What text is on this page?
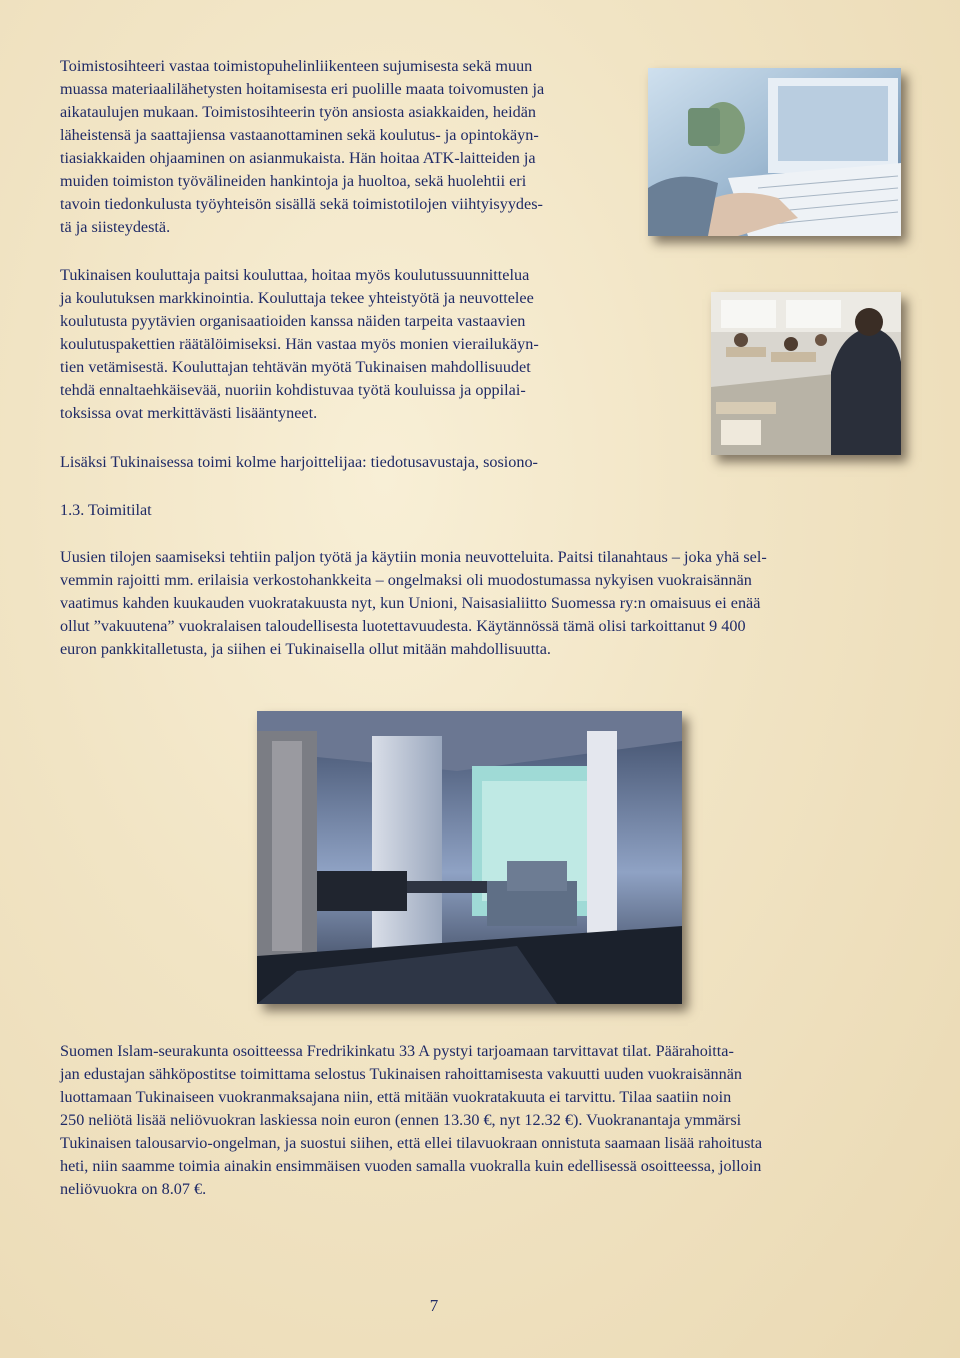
Toimistosihteeri vastaa toimistopuhelinliikenteen sujumisesta sekä muun
muassa materiaalilähetysten hoitamisesta eri puolille maata toivomusten ja
aikataulujen mukaan. Toimistosihteerin työn ansiosta asiakkaiden, heidän
läheistensä ja saattajiensa vastaanottaminen sekä koulutus- ja opintokäyn-
tiasiakkaiden ohjaaminen on asianmukaista. Hän hoitaa ATK-laitteiden ja
muiden toimiston työvälineiden hankintoja ja huoltoa, sekä huolehtii eri
tavoin tiedonkulusta työyhteisön sisällä sekä toimistotilojen viihtyisyydes-
tä ja siisteydestä.

Tukinaisen kouluttaja paitsi kouluttaa, hoitaa myös koulutussuunnittelua
ja koulutuksen markkinointia. Kouluttaja tekee yhteistyötä ja neuvottelee
koulutusta pyytävien organisaatioiden kanssa näiden tarpeita vastaavien
koulutuspakettien räätälöimiseksi. Hän vastaa myös monien vierailukäyn-
tien vetämisestä. Kouluttajan tehtävän myötä Tukinaisen mahdollisuudet
tehdä ennaltaehkäisevää, nuoriin kohdistuvaa työtä kouluissa ja oppilai-
toksissa ovat merkittävästi lisääntyneet.

Lisäksi Tukinaisessa toimi kolme harjoittelijaa: tiedotusavustaja, sosiono-

1.3. Toimitilat

Uusien tilojen saamiseksi tehtiin paljon työtä ja käytiin monia neuvotteluita. Paitsi tilanahtaus – joka yhä sel-
vemmin rajoitti mm. erilaisia verkostohankkeita – ongelmaksi oli muodostumassa nykyisen vuokraisännän
vaatimus kahden kuukauden vuokratakuusta nyt, kun Unioni, Naisasialiitto Suomessa ry:n omaisuus ei enää
ollut ”vakuutena” vuokralaisen taloudellisesta luotettavuudesta. Käytännössä tämä olisi tarkoittanut 9 400
euron pankkitalletusta, ja siihen ei Tukinaisella ollut mitään mahdollisuutta.

Suomen Islam-seurakunta osoitteessa Fredrikinkatu 33 A pystyi tarjoamaan tarvittavat tilat. Päärahoitta-
jan edustajan sähköpostitse toimittama selostus Tukinaisen rahoittamisesta vakuutti uuden vuokraisännän
luottamaan Tukinaiseen vuokranmaksajana niin, että mitään vuokratakuuta ei tarvittu. Tilaa saatiin noin
250 neliötä lisää neliövuokran laskiessa noin euron (ennen 13.30 €, nyt 12.32 €). Vuokranantaja ymmärsi
Tukinaisen talousarvio-ongelman, ja suostui siihen, että ellei tilavuokraan onnistuta saamaan lisää rahoitusta
heti, niin saamme toimia ainakin ensimmäisen vuoden samalla vuokralla kuin edellisessä osoitteessa, jolloin
neliövuokra on 8.07 €.

7
